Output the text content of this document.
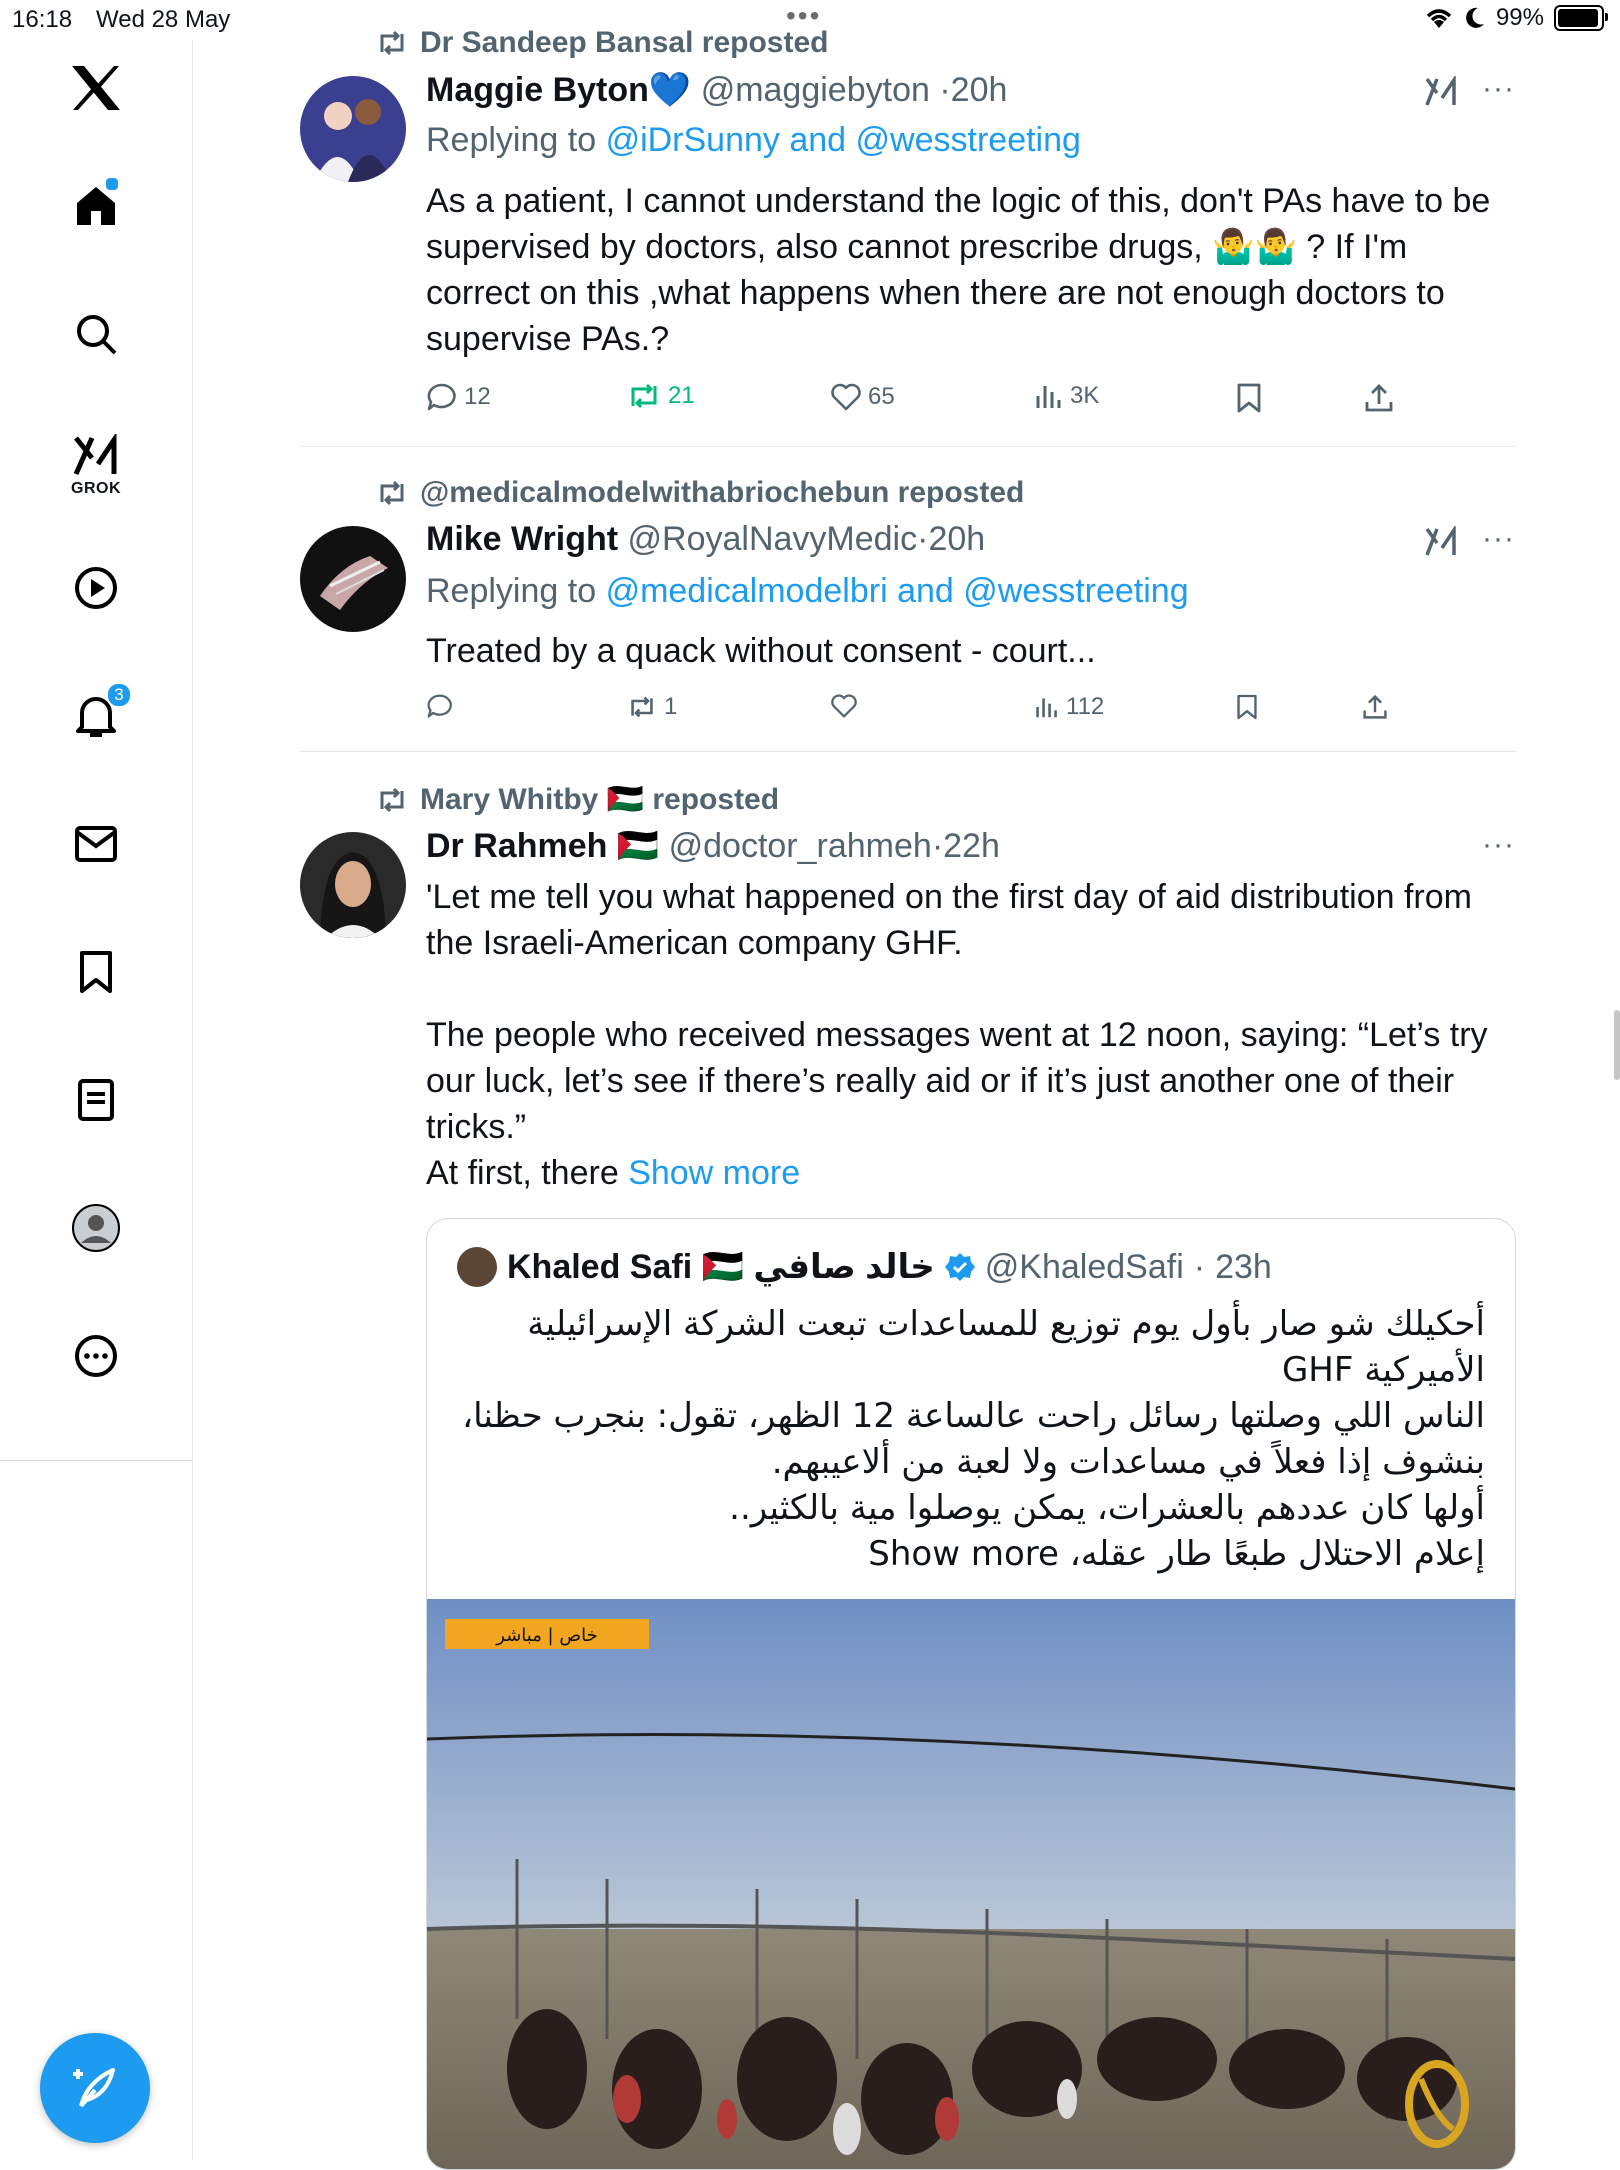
16:18 Wed 28 May	•••	99%
GROK
3
Dr Sandeep Bansal reposted
Maggie Byton💙 @maggiebyton ·20h	···
Replying to @iDrSunny and @wesstreeting
As a patient, I cannot understand the logic of this, don't PAs have to be supervised by doctors, also cannot prescribe drugs, 🤷‍♂️🤷‍♂️ ? If I'm correct on this ,what happens when there are not enough doctors to supervise PAs.?
12	21	65	3K
@medicalmodelwithabriochebun reposted
Mike Wright @RoyalNavyMedic·20h	···
Replying to @medicalmodelbri and @wesstreeting
Treated by a quack without consent - court...
1	112
Mary Whitby 🇵🇸 reposted
Dr Rahmeh 🇵🇸 @doctor_rahmeh·22h	···
'Let me tell you what happened on the first day of aid distribution from the Israeli-American company GHF.
The people who received messages went at 12 noon, saying: “Let’s try our luck, let’s see if there’s really aid or if it’s just another one of their tricks.”
At first, there Show more
Khaled Safi 🇵🇸 خالد صافي @KhaledSafi · 23h
أحكيلك شو صار بأول يوم توزيع للمساعدات تبعت الشركة الإسرائيلية الأميركية GHF
الناس اللي وصلتها رسائل راحت عالساعة 12 الظهر، تقول: بنجرب حظنا، بنشوف إذا فعلاً في مساعدات ولا لعبة من ألاعيبهم.
أولها كان عددهم بالعشرات، يمكن يوصلوا مية بالكثير..
إعلام الاحتلال طبعًا طار عقله، Show more
خاص | مباشر
